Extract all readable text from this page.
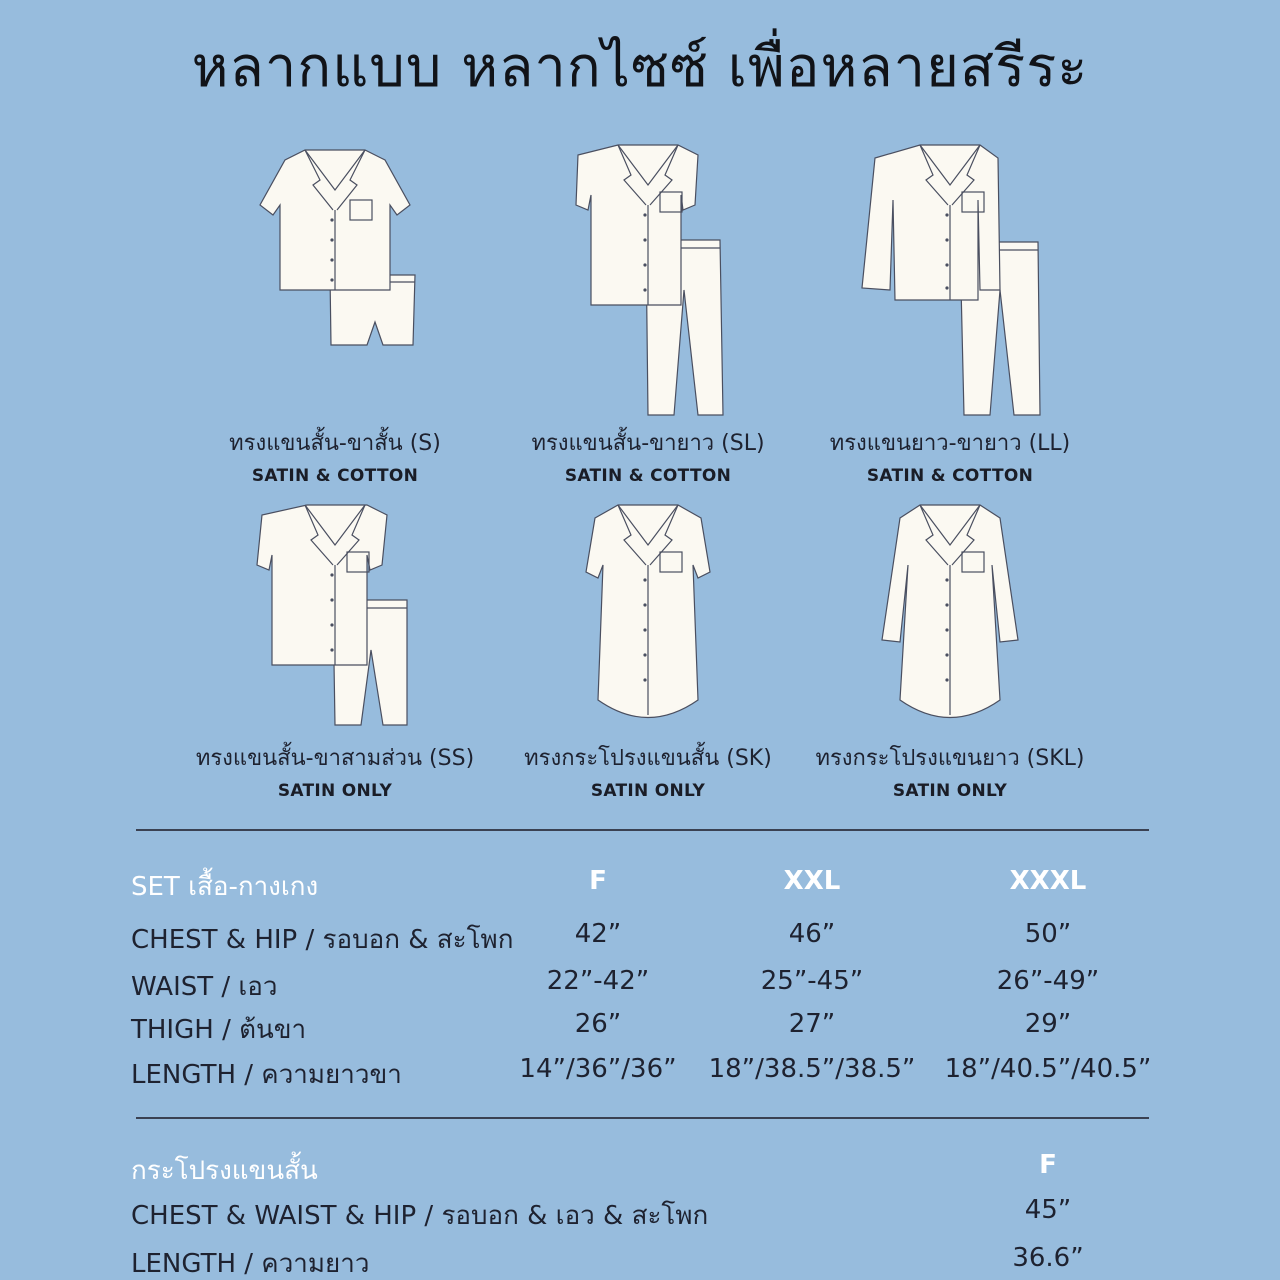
หลากแบบ หลากไซซ์ เพื่อหลายสรีระ
ทรงแขนสั้น-ขาสั้น (S)
SATIN & COTTON
ทรงแขนสั้น-ขายาว (SL)
SATIN & COTTON
ทรงแขนยาว-ขายาว (LL)
SATIN & COTTON
ทรงแขนสั้น-ขาสามส่วน (SS)
SATIN ONLY
ทรงกระโปรงแขนสั้น (SK)
SATIN ONLY
ทรงกระโปรงแขนยาว (SKL)
SATIN ONLY
SET เสื้อ-กางเกง	F	XXL	XXXL
CHEST & HIP / รอบอก & สะโพก 42”	46”	50”
WAIST / เอว	22”-42”	25”-45”	26”-49”
THIGH / ต้นขา	26”	27”	29”
LENGTH / ความยาวขา	14”/36”/36” 18”/38.5”/38.5” 18”/40.5”/40.5”
กระโปรงแขนสั้น	F
CHEST & WAIST & HIP / รอบอก & เอว & สะโพก	45”
LENGTH / ความยาว	36.6”
